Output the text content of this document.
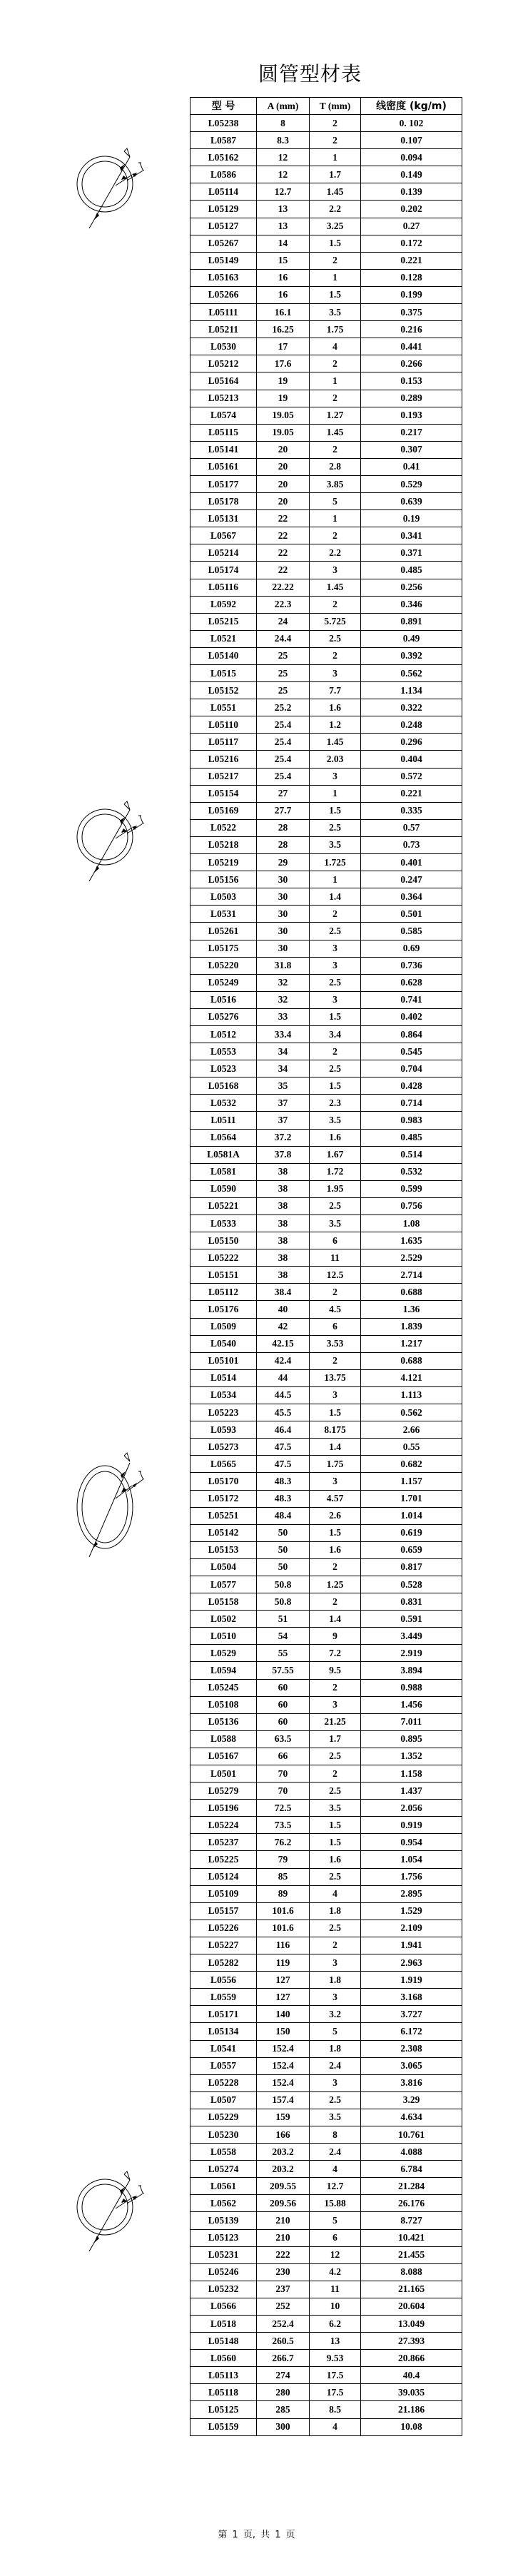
圆管型材表
型 号	A (mm)	T (mm)	线密度 (kg/m)
L05238	8	2	0. 102
L0587	8.3	2	0.107
L05162	12	1	0.094
L0586	12	1.7	0.149
L05114	12.7	1.45	0.139
L05129	13	2.2	0.202
L05127	13	3.25	0.27
L05267	14	1.5	0.172
L05149	15	2	0.221
L05163	16	1	0.128
L05266	16	1.5	0.199
L05111	16.1	3.5	0.375
L05211	16.25	1.75	0.216
L0530	17	4	0.441
L05212	17.6	2	0.266
L05164	19	1	0.153
L05213	19	2	0.289
L0574	19.05	1.27	0.193
L05115	19.05	1.45	0.217
L05141	20	2	0.307
L05161	20	2.8	0.41
L05177	20	3.85	0.529
L05178	20	5	0.639
L05131	22	1	0.19
L0567	22	2	0.341
L05214	22	2.2	0.371
L05174	22	3	0.485
L05116	22.22	1.45	0.256
L0592	22.3	2	0.346
L05215	24	5.725	0.891
L0521	24.4	2.5	0.49
L05140	25	2	0.392
L0515	25	3	0.562
L05152	25	7.7	1.134
L0551	25.2	1.6	0.322
L05110	25.4	1.2	0.248
L05117	25.4	1.45	0.296
L05216	25.4	2.03	0.404
L05217	25.4	3	0.572
L05154	27	1	0.221
L05169	27.7	1.5	0.335
L0522	28	2.5	0.57
L05218	28	3.5	0.73
L05219	29	1.725	0.401
L05156	30	1	0.247
L0503	30	1.4	0.364
L0531	30	2	0.501
L05261	30	2.5	0.585
L05175	30	3	0.69
L05220	31.8	3	0.736
L05249	32	2.5	0.628
L0516	32	3	0.741
L05276	33	1.5	0.402
L0512	33.4	3.4	0.864
L0553	34	2	0.545
L0523	34	2.5	0.704
L05168	35	1.5	0.428
L0532	37	2.3	0.714
L0511	37	3.5	0.983
L0564	37.2	1.6	0.485
L0581A	37.8	1.67	0.514
L0581	38	1.72	0.532
L0590	38	1.95	0.599
L05221	38	2.5	0.756
L0533	38	3.5	1.08
L05150	38	6	1.635
L05222	38	11	2.529
L05151	38	12.5	2.714
L05112	38.4	2	0.688
L05176	40	4.5	1.36
L0509	42	6	1.839
L0540	42.15	3.53	1.217
L05101	42.4	2	0.688
L0514	44	13.75	4.121
L0534	44.5	3	1.113
L05223	45.5	1.5	0.562
L0593	46.4	8.175	2.66
L05273	47.5	1.4	0.55
L0565	47.5	1.75	0.682
L05170	48.3	3	1.157
L05172	48.3	4.57	1.701
L05251	48.4	2.6	1.014
L05142	50	1.5	0.619
L05153	50	1.6	0.659
L0504	50	2	0.817
L0577	50.8	1.25	0.528
L05158	50.8	2	0.831
L0502	51	1.4	0.591
L0510	54	9	3.449
L0529	55	7.2	2.919
L0594	57.55	9.5	3.894
L05245	60	2	0.988
L05108	60	3	1.456
L05136	60	21.25	7.011
L0588	63.5	1.7	0.895
L05167	66	2.5	1.352
L0501	70	2	1.158
L05279	70	2.5	1.437
L05196	72.5	3.5	2.056
L05224	73.5	1.5	0.919
L05237	76.2	1.5	0.954
L05225	79	1.6	1.054
L05124	85	2.5	1.756
L05109	89	4	2.895
L05157	101.6	1.8	1.529
L05226	101.6	2.5	2.109
L05227	116	2	1.941
L05282	119	3	2.963
L0556	127	1.8	1.919
L0559	127	3	3.168
L05171	140	3.2	3.727
L05134	150	5	6.172
L0541	152.4	1.8	2.308
L0557	152.4	2.4	3.065
L05228	152.4	3	3.816
L0507	157.4	2.5	3.29
L05229	159	3.5	4.634
L05230	166	8	10.761
L0558	203.2	2.4	4.088
L05274	203.2	4	6.784
L0561	209.55	12.7	21.284
L0562	209.56	15.88	26.176
L05139	210	5	8.727
L05123	210	6	10.421
L05231	222	12	21.455
L05246	230	4.2	8.088
L05232	237	11	21.165
L0566	252	10	20.604
L0518	252.4	6.2	13.049
L05148	260.5	13	27.393
L0560	266.7	9.53	20.866
L05113	274	17.5	40.4
L05118	280	17.5	39.035
L05125	285	8.5	21.186
L05159	300	4	10.08
第 1 页, 共 1 页
